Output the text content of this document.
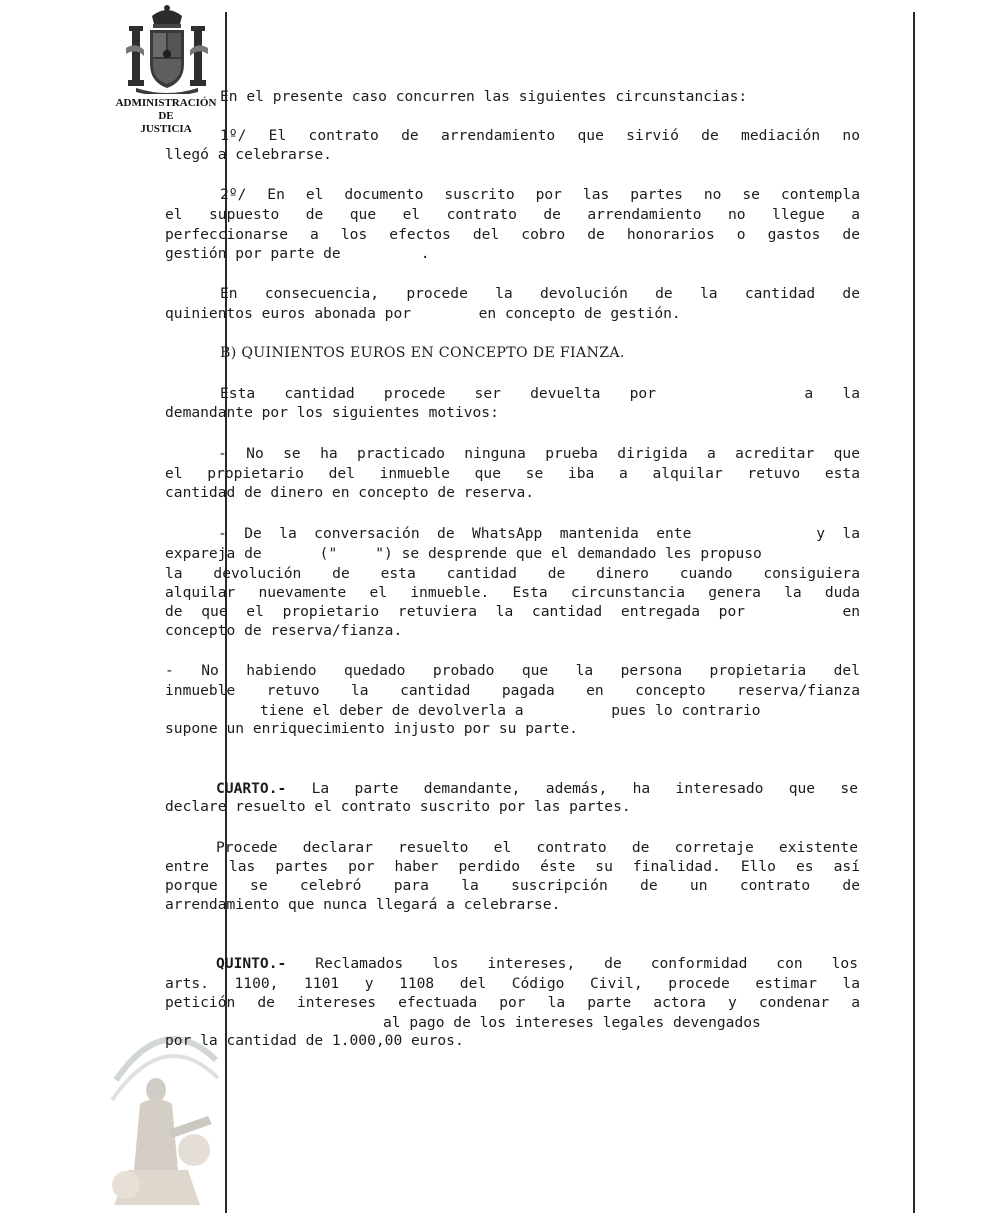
ADMINISTRACIÓN
DE
JUSTICIA
En el presente caso concurren las siguientes circunstancias:
1º/ El contrato de arrendamiento que sirvió de mediación no
llegó a celebrarse.
2º/ En el documento suscrito por las partes no se contempla
el supuesto de que el contrato de arrendamiento no llegue a
perfeccionarse a los efectos del cobro de honorarios o gastos de
gestión por parte de	.
En consecuencia, procede la devolución de la cantidad de
quinientos euros abonada por	en concepto de gestión.
B) QUINIENTOS EUROS EN CONCEPTO DE FIANZA.
Esta cantidad procede ser devuelta por	a la
demandante por los siguientes motivos:
- No se ha practicado ninguna prueba dirigida a acreditar que
el propietario del inmueble que se iba a alquilar retuvo esta
cantidad de dinero en concepto de reserva.
- De la conversación de WhatsApp mantenida ente	y la
expareja de	("	") se desprende que el demandado les propuso
la devolución de esta cantidad de dinero cuando consiguiera
alquilar nuevamente el inmueble. Esta circunstancia genera la duda
de que el propietario retuviera la cantidad entregada por	en
concepto de reserva/fianza.
- No habiendo quedado probado que la persona propietaria del
inmueble retuvo la cantidad pagada en concepto reserva/fianza
tiene el deber de devolverla a	pues lo contrario
supone un enriquecimiento injusto por su parte.
CUARTO.- La parte demandante, además, ha interesado que se
declare resuelto el contrato suscrito por las partes.
Procede declarar resuelto el contrato de corretaje existente
entre las partes por haber perdido éste su finalidad. Ello es así
porque se celebró para la suscripción de un contrato de
arrendamiento que nunca llegará a celebrarse.
QUINTO.- Reclamados los intereses, de conformidad con los
arts. 1100, 1101 y 1108 del Código Civil, procede estimar la
petición de intereses efectuada por la parte actora y condenar a
al pago de los intereses legales devengados
por la cantidad de 1.000,00 euros.
